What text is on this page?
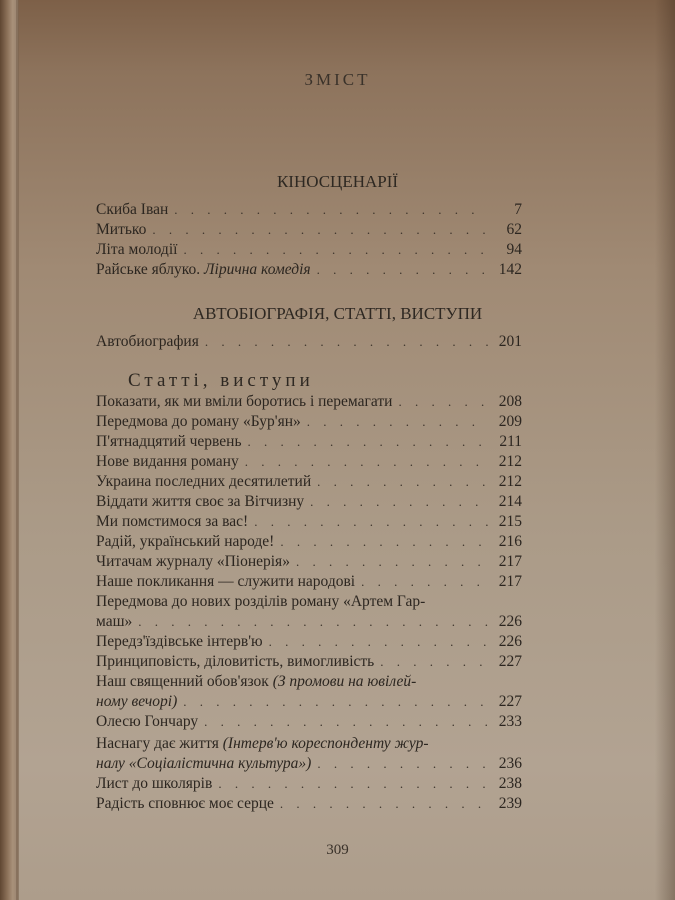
ЗМІСТ
КІНОСЦЕНАРІЇ
Скиба Іван . . .	7
Митько . . .	62
Літа молодії . . .	94
Райське яблуко. Лірична комедія . . .	142
АВТОБІОГРАФІЯ, СТАТТІ, ВИСТУПИ
Автобиография . . .	201
Статті, виступи
Показати, як ми вміли боротись і перемагати . . .	208
Передмова до роману «Бур'ян» . . .	209
П'ятнадцятий червень . . .	211
Нове видання роману . . .	212
Украина последних десятилетий . . .	212
Віддати життя своє за Вітчизну . . .	214
Ми помстимося за вас! . . .	215
Радій, український народе! . . .	216
Читачам журналу «Піонерія» . . .	217
Наше покликання — служити народові . . .	217
Передмова до нових розділів роману «Артем Гар-
маш» . . .	226
Передз'їздівське інтерв'ю . . .	226
Принциповість, діловитість, вимогливість . . .	227
Наш священний обов'язок (З промови на ювілей-
ному вечорі) . . .	227
Олесю Гончару . . .	233
Наснагу дає життя (Інтерв'ю кореспонденту жур-
налу «Соціалістична культура») . . .	236
Лист до школярів . . .	238
Радість сповнює моє серце . . .	239
309
